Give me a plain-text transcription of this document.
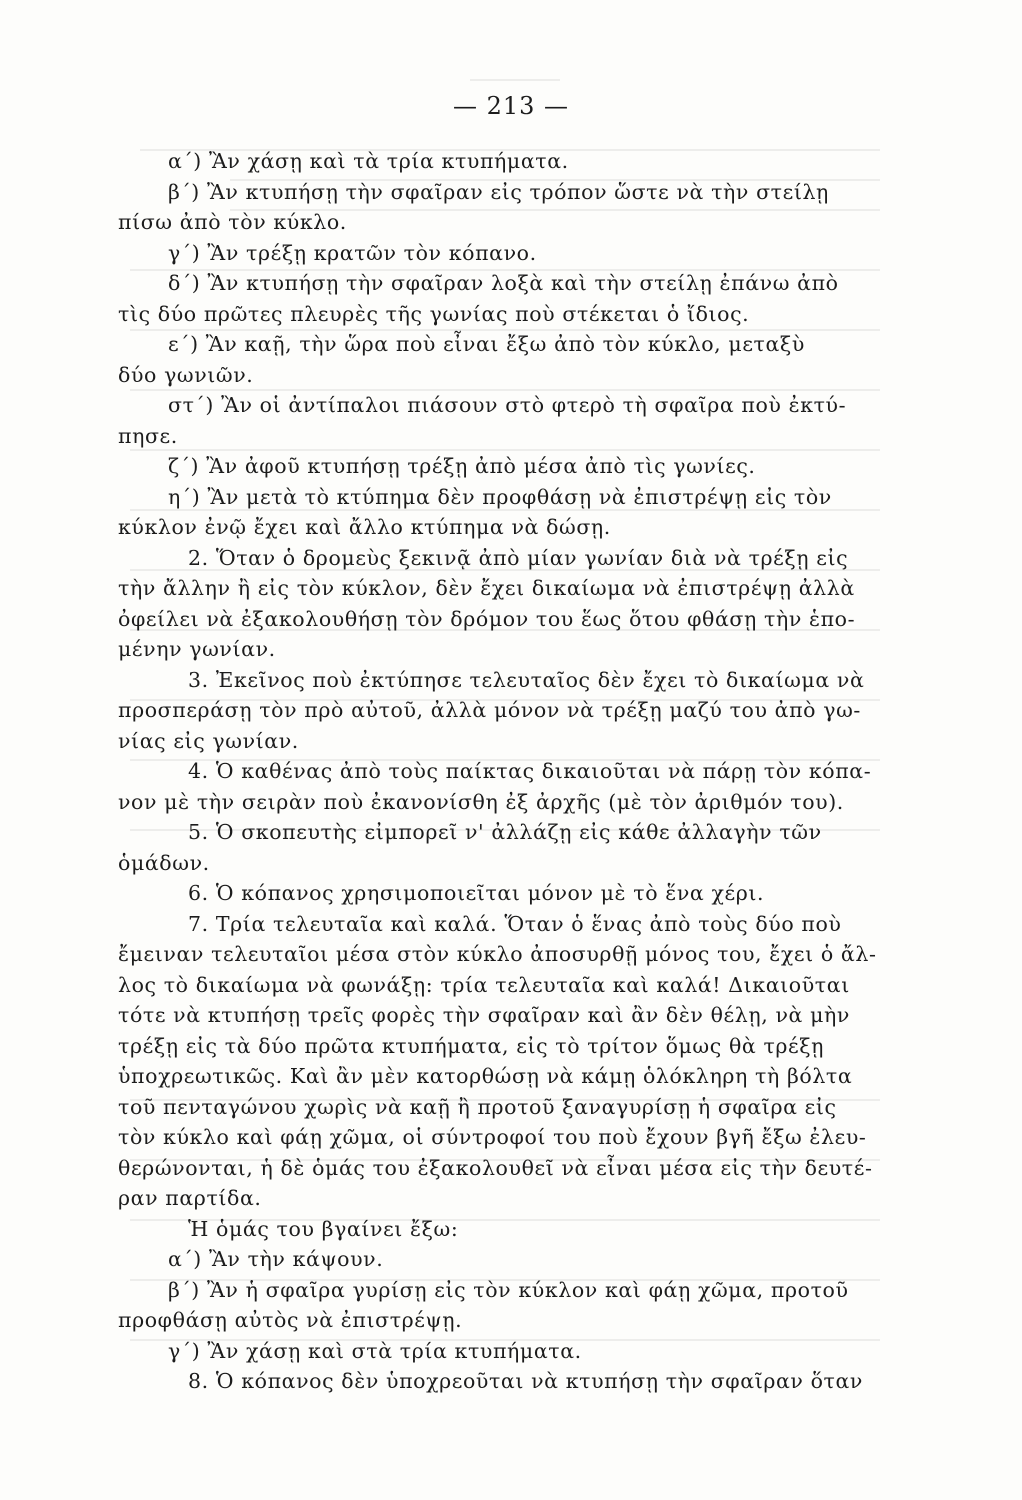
— 213 —

α΄) Ἂν χάσῃ καὶ τὰ τρία κτυπήματα.

β΄) Ἂν κτυπήσῃ τὴν σφαῖραν εἰς τρόπον ὥστε νὰ τὴν στείλῃ

πίσω ἀπὸ τὸν κύκλο.

γ΄) Ἂν τρέξῃ κρατῶν τὸν κόπανο.

δ΄) Ἂν κτυπήσῃ τὴν σφαῖραν λοξὰ καὶ τὴν στείλῃ ἐπάνω ἀπὸ

τὶς δύο πρῶτες πλευρὲς τῆς γωνίας ποὺ στέκεται ὁ ἴδιος.

ε΄) Ἂν καῇ, τὴν ὥρα ποὺ εἶναι ἔξω ἀπὸ τὸν κύκλο, μεταξὺ

δύο γωνιῶν.

στ΄) Ἂν οἱ ἀντίπαλοι πιάσουν στὸ φτερὸ τὴ σφαῖρα ποὺ ἐκτύ-

πησε.

ζ΄) Ἂν ἀφοῦ κτυπήσῃ τρέξῃ ἀπὸ μέσα ἀπὸ τὶς γωνίες.

η΄) Ἂν μετὰ τὸ κτύπημα δὲν προφθάσῃ νὰ ἐπιστρέψῃ εἰς τὸν

κύκλον ἐνῷ ἔχει καὶ ἄλλο κτύπημα νὰ δώσῃ.

2. Ὅταν ὁ δρομεὺς ξεκινᾷ ἀπὸ μίαν γωνίαν διὰ νὰ τρέξῃ εἰς

τὴν ἄλλην ἢ εἰς τὸν κύκλον, δὲν ἔχει δικαίωμα νὰ ἐπιστρέψῃ ἀλλὰ

ὀφείλει νὰ ἐξακολουθήσῃ τὸν δρόμον του ἕως ὅτου φθάσῃ τὴν ἑπο-

μένην γωνίαν.

3. Ἐκεῖνος ποὺ ἐκτύπησε τελευταῖος δὲν ἔχει τὸ δικαίωμα νὰ

προσπεράσῃ τὸν πρὸ αὐτοῦ, ἀλλὰ μόνον νὰ τρέξῃ μαζύ του ἀπὸ γω-

νίας εἰς γωνίαν.

4. Ὁ καθένας ἀπὸ τοὺς παίκτας δικαιοῦται νὰ πάρῃ τὸν κόπα-

νον μὲ τὴν σειρὰν ποὺ ἐκανονίσθη ἐξ ἀρχῆς (μὲ τὸν ἀριθμόν του).

5. Ὁ σκοπευτὴς εἰμπορεῖ ν' ἀλλάζῃ εἰς κάθε ἀλλαγὴν τῶν

ὁμάδων.

6. Ὁ κόπανος χρησιμοποιεῖται μόνον μὲ τὸ ἕνα χέρι.

7. Τρία τελευταῖα καὶ καλά. Ὅταν ὁ ἕνας ἀπὸ τοὺς δύο ποὺ

ἔμειναν τελευταῖοι μέσα στὸν κύκλο ἀποσυρθῇ μόνος του, ἔχει ὁ ἄλ-

λος τὸ δικαίωμα νὰ φωνάξῃ: τρία τελευταῖα καὶ καλά! Δικαιοῦται

τότε νὰ κτυπήσῃ τρεῖς φορὲς τὴν σφαῖραν καὶ ἂν δὲν θέλῃ, νὰ μὴν

τρέξῃ εἰς τὰ δύο πρῶτα κτυπήματα, εἰς τὸ τρίτον ὅμως θὰ τρέξῃ

ὑποχρεωτικῶς. Καὶ ἂν μὲν κατορθώσῃ νὰ κάμῃ ὁλόκληρη τὴ βόλτα

τοῦ πενταγώνου χωρὶς νὰ καῇ ἢ προτοῦ ξαναγυρίσῃ ἡ σφαῖρα εἰς

τὸν κύκλο καὶ φάῃ χῶμα, οἱ σύντροφοί του ποὺ ἔχουν βγῆ ἔξω ἐλευ-

θερώνονται, ἡ δὲ ὁμάς του ἐξακολουθεῖ νὰ εἶναι μέσα εἰς τὴν δευτέ-

ραν παρτίδα.

Ἡ ὁμάς του βγαίνει ἔξω:

α΄) Ἂν τὴν κάψουν.

β΄) Ἂν ἡ σφαῖρα γυρίσῃ εἰς τὸν κύκλον καὶ φάῃ χῶμα, προτοῦ

προφθάσῃ αὐτὸς νὰ ἐπιστρέψῃ.

γ΄) Ἂν χάσῃ καὶ στὰ τρία κτυπήματα.

8. Ὁ κόπανος δὲν ὑποχρεοῦται νὰ κτυπήσῃ τὴν σφαῖραν ὅταν
